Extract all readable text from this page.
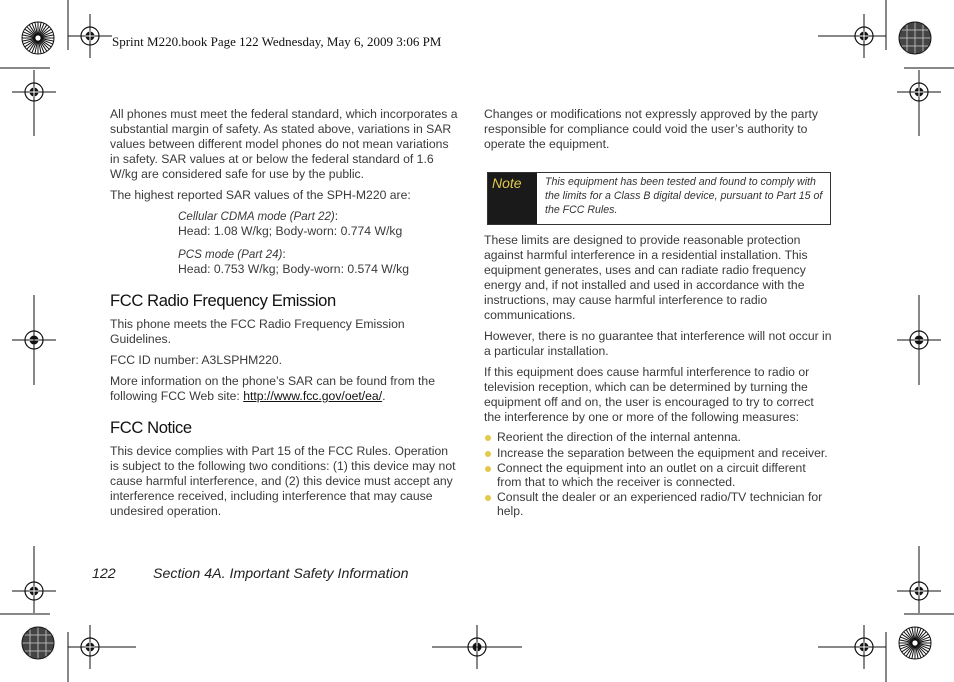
Sprint M220.book Page 122 Wednesday, May 6, 2009 3:06 PM

All phones must meet the federal standard, which incorporates a substantial margin of safety. As stated above, variations in SAR values between different model phones do not mean variations in safety. SAR values at or below the federal standard of 1.6 W/kg are considered safe for use by the public.

The highest reported SAR values of the SPH-M220 are:

Cellular CDMA mode (Part 22):
Head: 1.08 W/kg; Body-worn: 0.774 W/kg
PCS mode (Part 24):
Head: 0.753 W/kg; Body-worn: 0.574 W/kg
FCC Radio Frequency Emission

This phone meets the FCC Radio Frequency Emission Guidelines.

FCC ID number: A3LSPHM220.

More information on the phone’s SAR can be found from the following FCC Web site: http://www.fcc.gov/oet/ea/.

FCC Notice

This device complies with Part 15 of the FCC Rules. Operation is subject to the following two conditions: (1) this device may not cause harmful interference, and (2) this device must accept any interference received, including interference that may cause undesired operation.

Changes or modifications not expressly approved by the party responsible for compliance could void the user’s authority to operate the equipment.

Note	This equipment has been tested and found to comply with the limits for a Class B digital device, pursuant to Part 15 of the FCC Rules.

These limits are designed to provide reasonable protection against harmful interference in a residential installation. This equipment generates, uses and can radiate radio frequency energy and, if not installed and used in accordance with the instructions, may cause harmful interference to radio communications.

However, there is no guarantee that interference will not occur in a particular installation.

If this equipment does cause harmful interference to radio or television reception, which can be determined by turning the equipment off and on, the user is encouraged to try to correct the interference by one or more of the following measures:

Reorient the direction of the internal antenna.
Increase the separation between the equipment and receiver.
Connect the equipment into an outlet on a circuit different from that to which the receiver is connected.
Consult the dealer or an experienced radio/TV technician for help.
122	Section 4A. Important Safety Information
